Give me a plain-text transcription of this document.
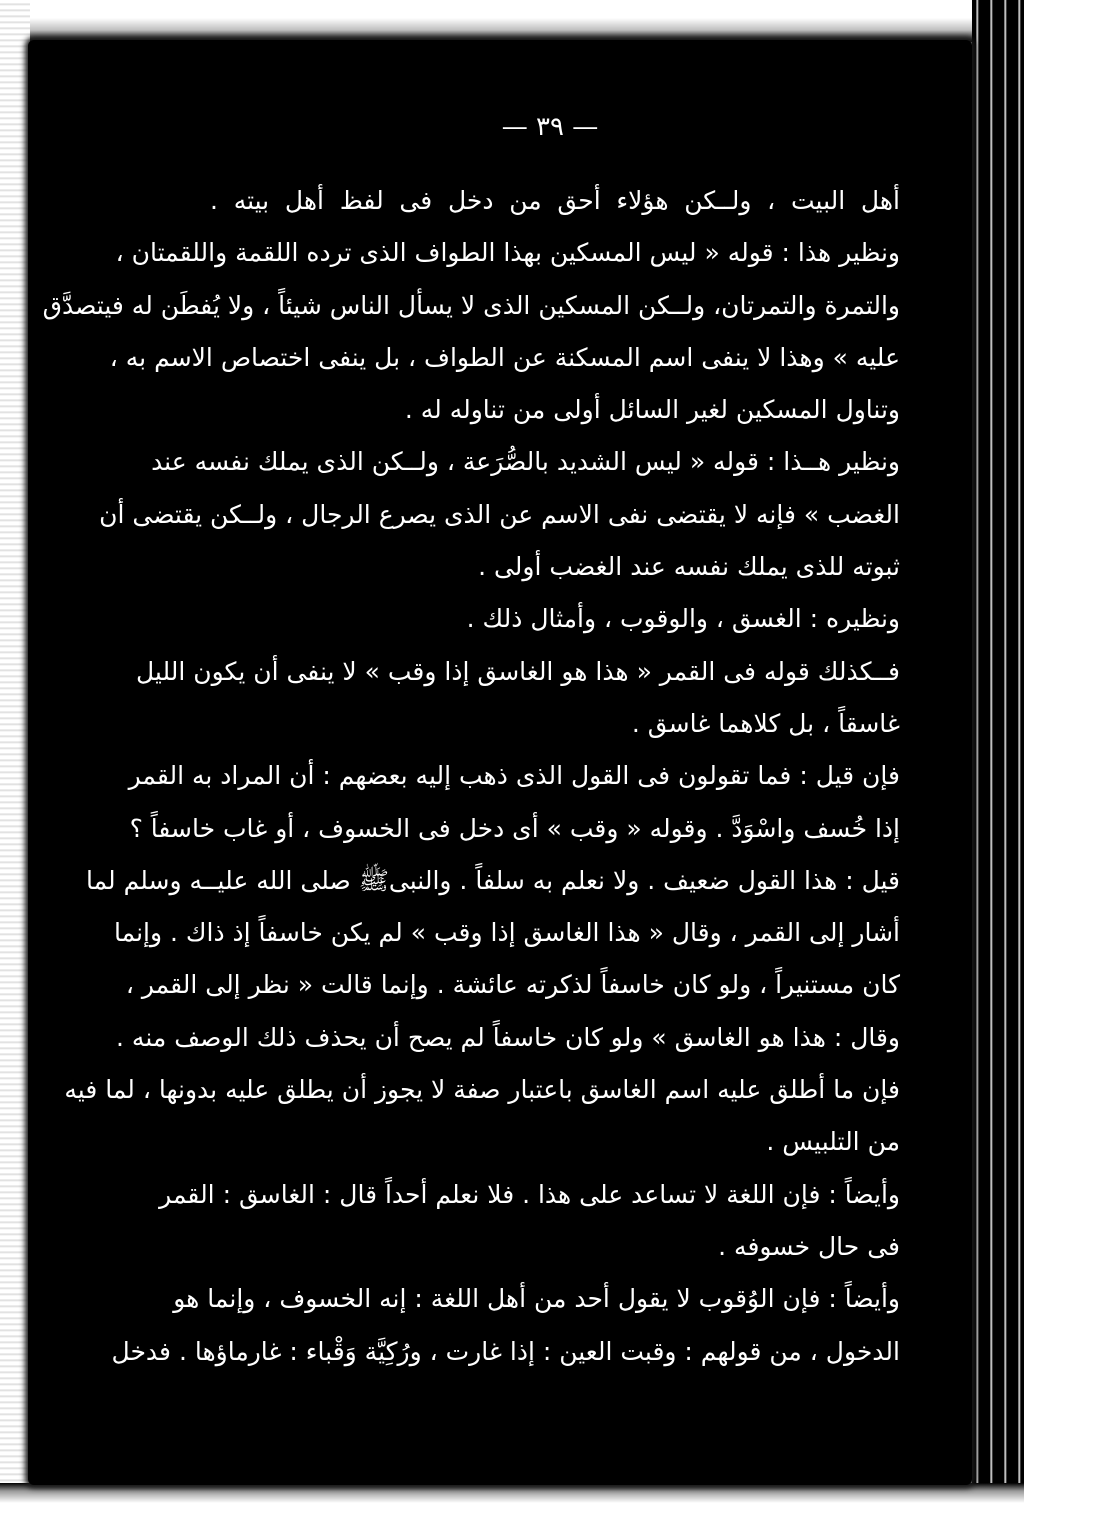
— ٣٩ —
أهل البيت ، ولــكن هؤلاء أحق من دخل فى لفظ أهل بيته .
ونظير هذا : قوله « ليس المسكين بهذا الطواف الذى ترده اللقمة واللقمتان ،
والتمرة والتمرتان، ولــكن المسكين الذى لا يسأل الناس شيئاً ، ولا يُفطَن له فيتصدَّق
عليه » وهذا لا ينفى اسم المسكنة عن الطواف ، بل ينفى اختصاص الاسم به ،
وتناول المسكين لغير السائل أولى من تناوله له .
ونظير هــذا : قوله « ليس الشديد بالصُّرَعة ، ولــكن الذى يملك نفسه عند
الغضب » فإنه لا يقتضى نفى الاسم عن الذى يصرع الرجال ، ولــكن يقتضى أن
ثبوته للذى يملك نفسه عند الغضب أولى .
ونظيره : الغسق ، والوقوب ، وأمثال ذلك .
فــكذلك قوله فى القمر « هذا هو الغاسق إذا وقب » لا ينفى أن يكون الليل
غاسقاً ، بل كلاهما غاسق .
فإن قيل : فما تقولون فى القول الذى ذهب إليه بعضهم : أن المراد به القمر
إذا خُسف واسْوَدَّ . وقوله « وقب » أى دخل فى الخسوف ، أو غاب خاسفاً ؟
قيل : هذا القول ضعيف . ولا نعلم به سلفاً . والنبىﷺ صلى الله عليــه وسلم لما
أشار إلى القمر ، وقال « هذا الغاسق إذا وقب » لم يكن خاسفاً إذ ذاك . وإنما
كان مستنيراً ، ولو كان خاسفاً لذكرته عائشة . وإنما قالت « نظر إلى القمر ،
وقال : هذا هو الغاسق » ولو كان خاسفاً لم يصح أن يحذف ذلك الوصف منه .
فإن ما أطلق عليه اسم الغاسق باعتبار صفة لا يجوز أن يطلق عليه بدونها ، لما فيه
من التلبيس .
وأيضاً : فإن اللغة لا تساعد على هذا . فلا نعلم أحداً قال : الغاسق : القمر
فى حال خسوفه .
وأيضاً : فإن الوُقوب لا يقول أحد من أهل اللغة : إنه الخسوف ، وإنما هو
الدخول ، من قولهم : وقبت العين : إذا غارت ، ورُكِيَّة وَقْباء : غارماؤها . فدخل
